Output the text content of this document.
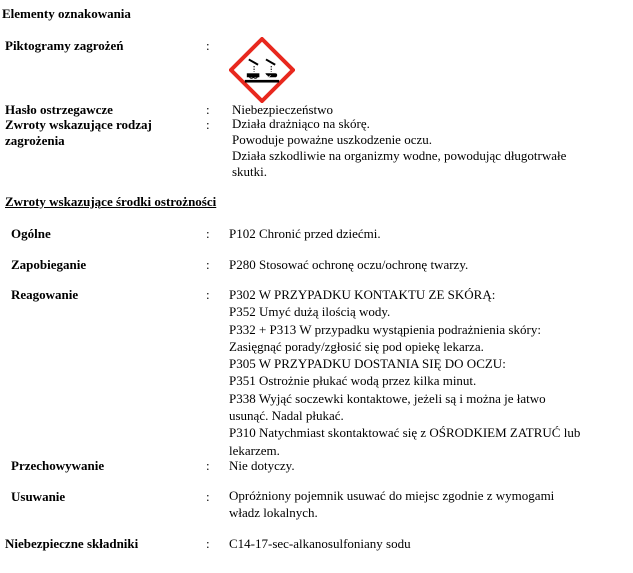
Elementy oznakowania
Piktogramy zagrożeń	:
Hasło ostrzegawcze	: Niebezpieczeństwo
Zwroty wskazujące rodzaj
zagrożenia
: Działa drażniąco na skórę.
Powoduje poważne uszkodzenie oczu.
Działa szkodliwie na organizmy wodne, powodując długotrwałe
skutki.
Zwroty wskazujące środki ostrożności
Ogólne	: P102 Chronić przed dziećmi.
Zapobieganie	: P280 Stosować ochronę oczu/ochronę twarzy.
Reagowanie	: P302 W PRZYPADKU KONTAKTU ZE SKÓRĄ:
P352 Umyć dużą ilością wody.
P332 + P313 W przypadku wystąpienia podrażnienia skóry:
Zasięgnąć porady/zgłosić się pod opiekę lekarza.
P305 W PRZYPADKU DOSTANIA SIĘ DO OCZU:
P351 Ostrożnie płukać wodą przez kilka minut.
P338 Wyjąć soczewki kontaktowe, jeżeli są i można je łatwo
usunąć. Nadal płukać.
P310 Natychmiast skontaktować się z OŚRODKIEM ZATRUĆ lub
lekarzem.
Przechowywanie	: Nie dotyczy.
Usuwanie	: Opróżniony pojemnik usuwać do miejsc zgodnie z wymogami
władz lokalnych.
Niebezpieczne składniki	: C14-17-sec-alkanosulfoniany sodu
